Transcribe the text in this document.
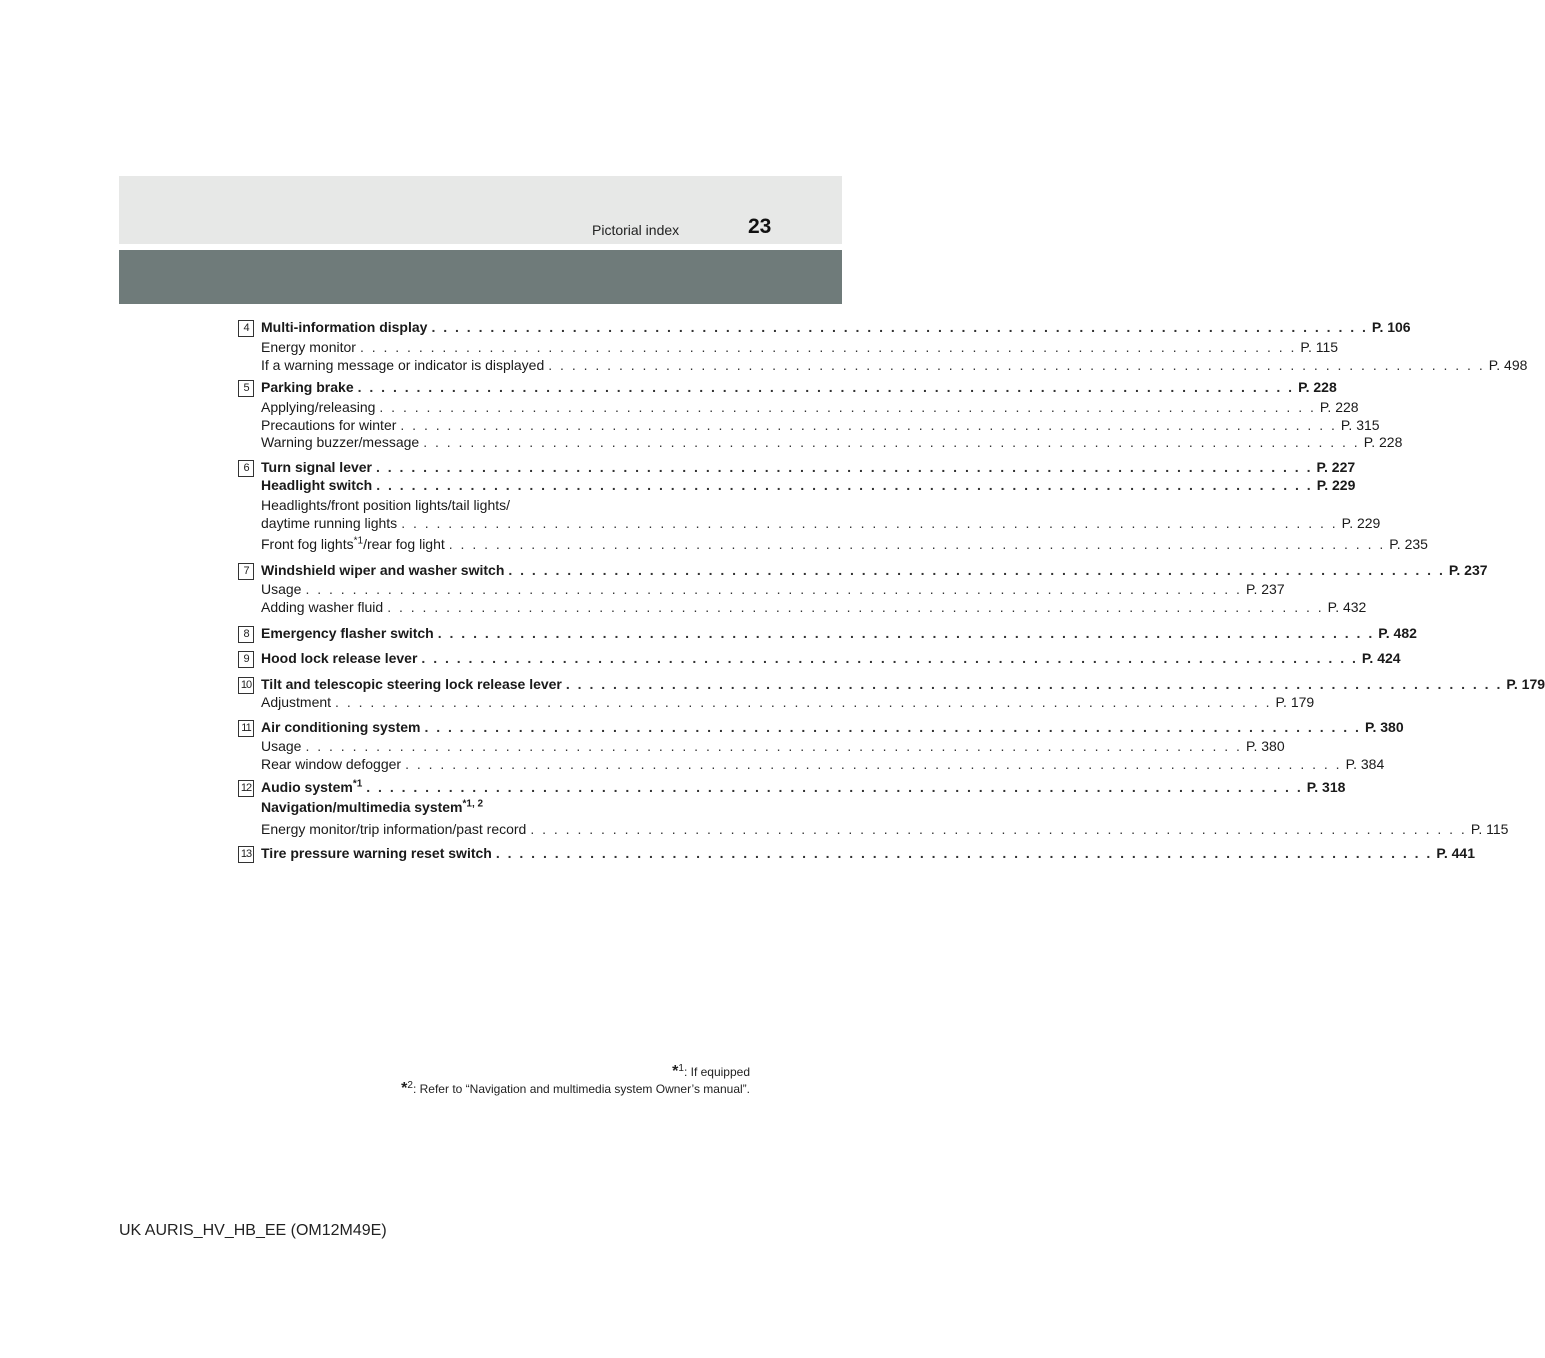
Pictorial index	23
4 Multi-information display . . . . . . . . . . . . . . . . . . . . . . . . . . . . . . . . . . . . . . . . . . . . . . . . . . . . . . . . . . . . . . . . . . . . . . . . . . . . . . . . P. 106
Energy monitor . . . . . . . . . . . . . . . . . . . . . . . . . . . . . . . . . . . . . . . . . . . . . . . . . . . . . . . . . . . . . . . . . . . . . . . . . . . . . . . . P. 115
If a warning message or indicator is displayed . . . . . . . . . . . . . . . . . . . . . . . . . . . . . . . . . . . . . . . . . . . . . . . . . . . . . . . . . . . . . . . . . . . . . . . . . . . . . . . . P. 498
5 Parking brake . . . . . . . . . . . . . . . . . . . . . . . . . . . . . . . . . . . . . . . . . . . . . . . . . . . . . . . . . . . . . . . . . . . . . . . . . . . . . . . . P. 228
Applying/releasing . . . . . . . . . . . . . . . . . . . . . . . . . . . . . . . . . . . . . . . . . . . . . . . . . . . . . . . . . . . . . . . . . . . . . . . . . . . . . . . . P. 228
Precautions for winter . . . . . . . . . . . . . . . . . . . . . . . . . . . . . . . . . . . . . . . . . . . . . . . . . . . . . . . . . . . . . . . . . . . . . . . . . . . . . . . . P. 315
Warning buzzer/message . . . . . . . . . . . . . . . . . . . . . . . . . . . . . . . . . . . . . . . . . . . . . . . . . . . . . . . . . . . . . . . . . . . . . . . . . . . . . . . . P. 228
6 Turn signal lever . . . . . . . . . . . . . . . . . . . . . . . . . . . . . . . . . . . . . . . . . . . . . . . . . . . . . . . . . . . . . . . . . . . . . . . . . . . . . . . . P. 227
Headlight switch . . . . . . . . . . . . . . . . . . . . . . . . . . . . . . . . . . . . . . . . . . . . . . . . . . . . . . . . . . . . . . . . . . . . . . . . . . . . . . . . P. 229
Headlights/front position lights/tail lights/
daytime running lights . . . . . . . . . . . . . . . . . . . . . . . . . . . . . . . . . . . . . . . . . . . . . . . . . . . . . . . . . . . . . . . . . . . . . . . . . . . . . . . . P. 229
Front fog lights$^{*1}$/rear fog light . . . . . . . . . . . . . . . . . . . . . . . . . . . . . . . . . . . . . . . . . . . . . . . . . . . . . . . . . . . . . . . . . . . . . . . . . . . . . . . . P. 235
7 Windshield wiper and washer switch . . . . . . . . . . . . . . . . . . . . . . . . . . . . . . . . . . . . . . . . . . . . . . . . . . . . . . . . . . . . . . . . . . . . . . . . . . . . . . . . P. 237
Usage . . . . . . . . . . . . . . . . . . . . . . . . . . . . . . . . . . . . . . . . . . . . . . . . . . . . . . . . . . . . . . . . . . . . . . . . . . . . . . . . P. 237
Adding washer fluid . . . . . . . . . . . . . . . . . . . . . . . . . . . . . . . . . . . . . . . . . . . . . . . . . . . . . . . . . . . . . . . . . . . . . . . . . . . . . . . . P. 432
8 Emergency flasher switch . . . . . . . . . . . . . . . . . . . . . . . . . . . . . . . . . . . . . . . . . . . . . . . . . . . . . . . . . . . . . . . . . . . . . . . . . . . . . . . . P. 482
9 Hood lock release lever . . . . . . . . . . . . . . . . . . . . . . . . . . . . . . . . . . . . . . . . . . . . . . . . . . . . . . . . . . . . . . . . . . . . . . . . . . . . . . . . P. 424
10 Tilt and telescopic steering lock release lever . . . . . . . . . . . . . . . . . . . . . . . . . . . . . . . . . . . . . . . . . . . . . . . . . . . . . . . . . . . . . . . . . . . . . . . . . . . . . . . . P. 179
Adjustment . . . . . . . . . . . . . . . . . . . . . . . . . . . . . . . . . . . . . . . . . . . . . . . . . . . . . . . . . . . . . . . . . . . . . . . . . . . . . . . . P. 179
11 Air conditioning system . . . . . . . . . . . . . . . . . . . . . . . . . . . . . . . . . . . . . . . . . . . . . . . . . . . . . . . . . . . . . . . . . . . . . . . . . . . . . . . . P. 380
Usage . . . . . . . . . . . . . . . . . . . . . . . . . . . . . . . . . . . . . . . . . . . . . . . . . . . . . . . . . . . . . . . . . . . . . . . . . . . . . . . . P. 380
Rear window defogger . . . . . . . . . . . . . . . . . . . . . . . . . . . . . . . . . . . . . . . . . . . . . . . . . . . . . . . . . . . . . . . . . . . . . . . . . . . . . . . . P. 384
12 Audio system$^{*1}$ . . . . . . . . . . . . . . . . . . . . . . . . . . . . . . . . . . . . . . . . . . . . . . . . . . . . . . . . . . . . . . . . . . . . . . . . . . . . . . . . P. 318
Navigation/multimedia system$^{*1, 2}$
Energy monitor/trip information/past record . . . . . . . . . . . . . . . . . . . . . . . . . . . . . . . . . . . . . . . . . . . . . . . . . . . . . . . . . . . . . . . . . . . . . . . . . . . . . . . . P. 115
13 Tire pressure warning reset switch . . . . . . . . . . . . . . . . . . . . . . . . . . . . . . . . . . . . . . . . . . . . . . . . . . . . . . . . . . . . . . . . . . . . . . . . . . . . . . . . P. 441
*$^1$: If equipped
*$^2$: Refer to “Navigation and multimedia system Owner’s manual”.
UK AURIS_HV_HB_EE (OM12M49E)
